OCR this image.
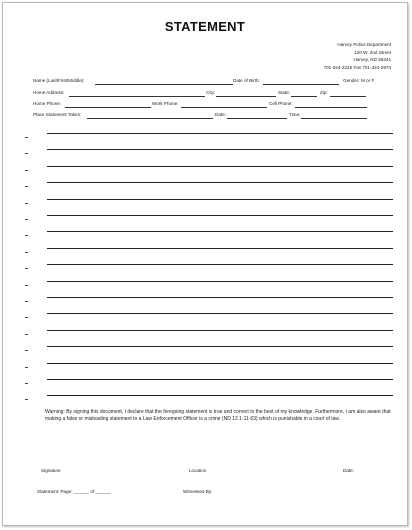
STATEMENT
Harvey Police Department
120 W. 2nd Street
Harvey, ND 58341
701-324-2225 Fax 701-324-2974
Name (Last/First/Middle):	Date of Birth:	Gender: M or F
Home Address:	City:	State:	Zip:
Home Phone:	Work Phone:	Cell Phone:
Place Statement Taken:	Date:	Time:
Warning: By signing this document, I declare that the foregoing statement is true and correct to the best of my knowledge. Furthermore, I am also aware that making a false or misleading statement to a Law Enforcement Officer is a crime (ND 12.1-11-03) which is punishable in a court of law.
Signature	Location	Date:
Statement: Page: ______ of ______	Witnessed By:
